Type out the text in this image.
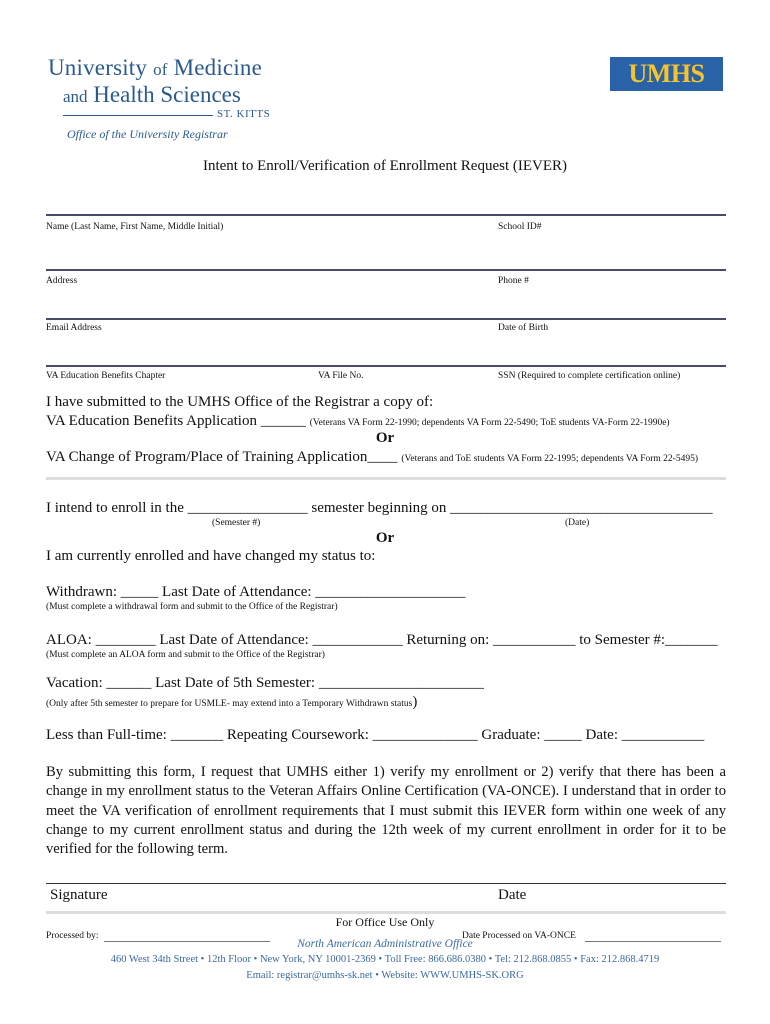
University of Medicine
and Health Sciences
ST. KITTS
Office of the University Registrar
UMHS
Intent to Enroll/Verification of Enrollment Request (IEVER)
Name (Last Name, First Name, Middle Initial)	School ID#
Address	Phone #
Email Address	Date of Birth
VA Education Benefits Chapter	VA File No.	SSN (Required to complete certification online)
I have submitted to the UMHS Office of the Registrar a copy of:
VA Education Benefits Application ______ (Veterans VA Form 22-1990; dependents VA Form 22-5490; ToE students VA-Form 22-1990e)
Or
VA Change of Program/Place of Training Application____ (Veterans and ToE students VA Form 22-1995; dependents VA Form 22-5495)
I intend to enroll in the ________________ semester beginning on ___________________________________
(Semester #)	(Date)
Or
I am currently enrolled and have changed my status to:
Withdrawn: _____ Last Date of Attendance: ____________________
(Must complete a withdrawal form and submit to the Office of the Registrar)
ALOA: ________ Last Date of Attendance: ____________ Returning on: ___________ to Semester #:_______
(Must complete an ALOA form and submit to the Office of the Registrar)
Vacation: ______ Last Date of 5th Semester: ______________________
(Only after 5th semester to prepare for USMLE- may extend into a Temporary Withdrawn status)
Less than Full-time: _______ Repeating Coursework: ______________ Graduate: _____ Date: ___________
By submitting this form, I request that UMHS either 1) verify my enrollment or 2) verify that there has been a change in my enrollment status to the Veteran Affairs Online Certification (VA-ONCE). I understand that in order to meet the VA verification of enrollment requirements that I must submit this IEVER form within one week of any change to my current enrollment status and during the 12th week of my current enrollment in order for it to be verified for the following term.
Signature	Date
For Office Use Only
Processed by:	Date Processed on VA-ONCE
North American Administrative Office
460 West 34th Street • 12th Floor • New York, NY 10001-2369 • Toll Free: 866.686.0380 • Tel: 212.868.0855 • Fax: 212.868.4719
Email: registrar@umhs-sk.net • Website: WWW.UMHS-SK.ORG
